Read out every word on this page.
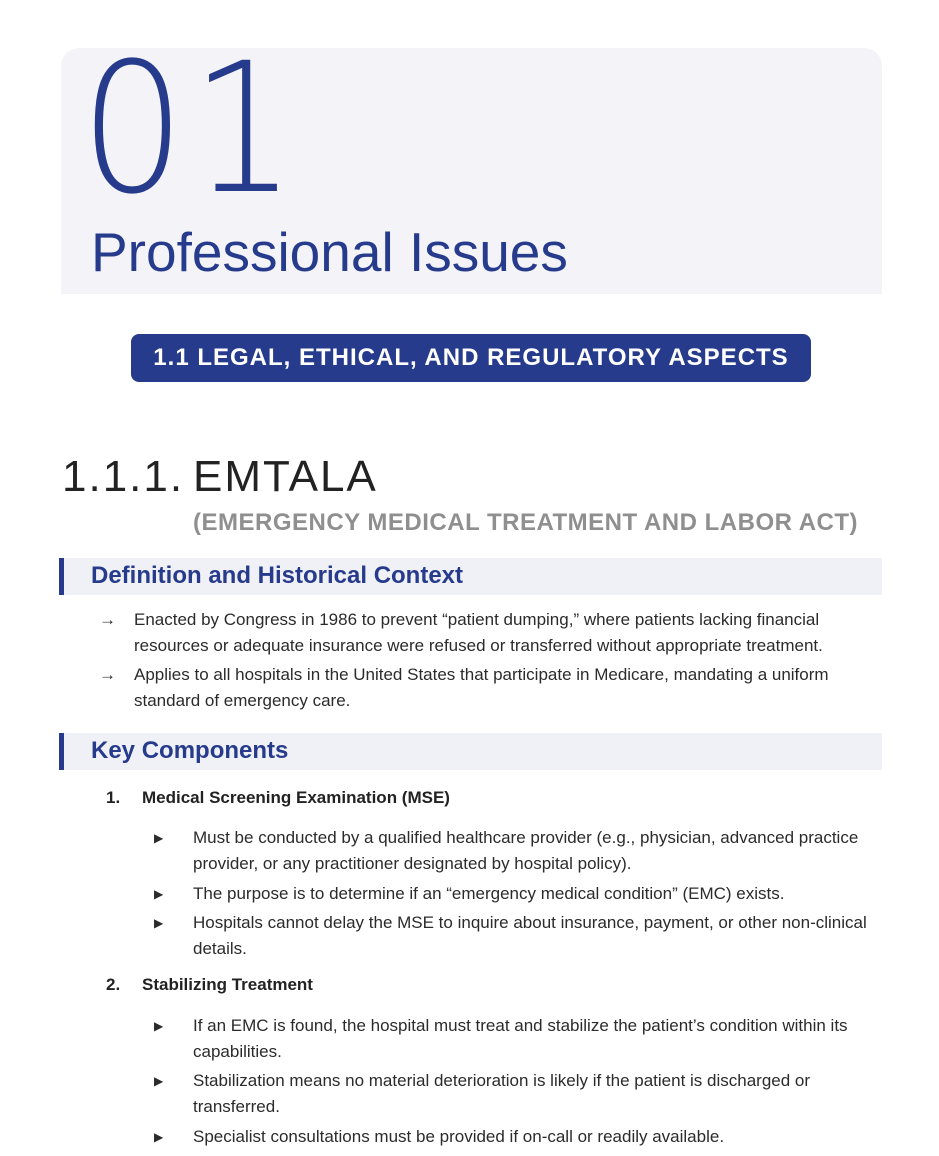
01
Professional Issues
1.1 LEGAL, ETHICAL, AND REGULATORY ASPECTS
1.1.1. EMTALA
(EMERGENCY MEDICAL TREATMENT AND LABOR ACT)
Definition and Historical Context
→ Enacted by Congress in 1986 to prevent “patient dumping,” where patients lacking financial resources or adequate insurance were refused or transferred without appropriate treatment.
→ Applies to all hospitals in the United States that participate in Medicare, mandating a uniform standard of emergency care.
Key Components
1. Medical Screening Examination (MSE)
▶ Must be conducted by a qualified healthcare provider (e.g., physician, advanced practice provider, or any practitioner designated by hospital policy).
▶ The purpose is to determine if an “emergency medical condition” (EMC) exists.
▶ Hospitals cannot delay the MSE to inquire about insurance, payment, or other non-clinical details.
2. Stabilizing Treatment
▶ If an EMC is found, the hospital must treat and stabilize the patient’s condition within its capabilities.
▶ Stabilization means no material deterioration is likely if the patient is discharged or transferred.
▶ Specialist consultations must be provided if on-call or readily available.
